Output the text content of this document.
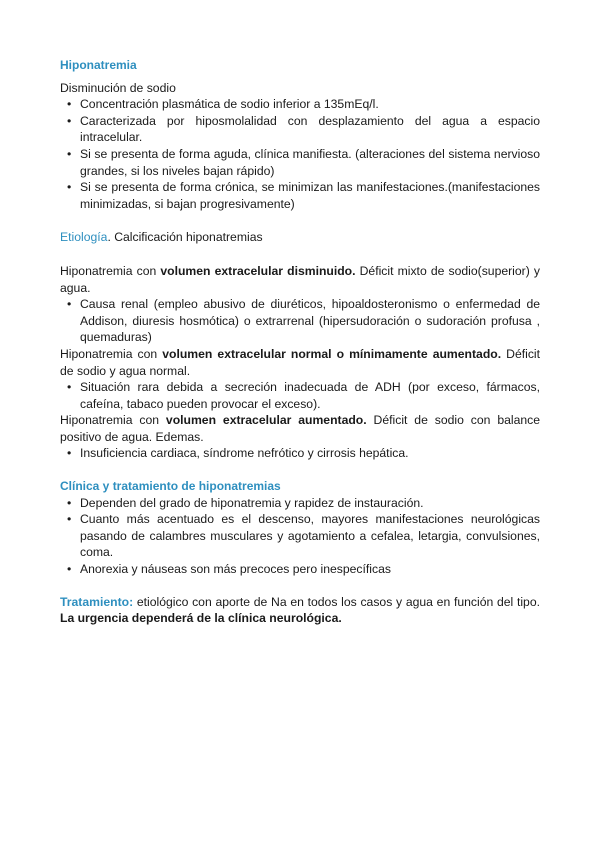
Hiponatremia

Disminución de sodio

• Concentración plasmática de sodio inferior a 135mEq/l.
• Caracterizada por hiposmolalidad con desplazamiento del agua a espacio intracelular.
• Si se presenta de forma aguda, clínica manifiesta. (alteraciones del sistema nervioso grandes, si los niveles bajan rápido)
• Si se presenta de forma crónica, se minimizan las manifestaciones.(manifestaciones minimizadas, si bajan progresivamente)

Etiología. Calcificación hiponatremias

Hiponatremia con volumen extracelular disminuido. Déficit mixto de sodio(superior) y agua.

• Causa renal (empleo abusivo de diuréticos, hipoaldosteronismo o enfermedad de Addison, diuresis hosmótica) o extrarrenal (hipersudoración o sudoración profusa , quemaduras)

Hiponatremia con volumen extracelular normal o mínimamente aumentado. Déficit de sodio y agua normal.

• Situación rara debida a secreción inadecuada de ADH (por exceso, fármacos, cafeína, tabaco pueden provocar el exceso).

Hiponatremia con volumen extracelular aumentado. Déficit de sodio con balance positivo de agua. Edemas.

• Insuficiencia cardiaca, síndrome nefrótico y cirrosis hepática.
Clínica y tratamiento de hiponatremias
• Dependen del grado de hiponatremia y rapidez de instauración.
• Cuanto más acentuado es el descenso, mayores manifestaciones neurológicas pasando de calambres musculares y agotamiento a cefalea, letargia, convulsiones, coma.
• Anorexia y náuseas son más precoces pero inespecíficas

Tratamiento: etiológico con aporte de Na en todos los casos y agua en función del tipo. La urgencia dependerá de la clínica neurológica.
